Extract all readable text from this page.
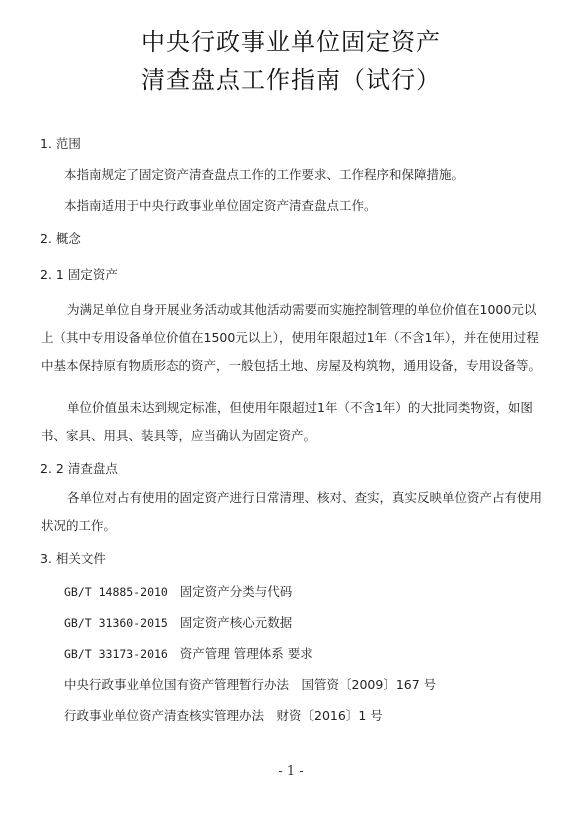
中央行政事业单位固定资产
清查盘点工作指南（试行）
1. 范围
本指南规定了固定资产清查盘点工作的工作要求、工作程序和保障措施。
本指南适用于中央行政事业单位固定资产清查盘点工作。
2. 概念
2. 1 固定资产
为满足单位自身开展业务活动或其他活动需要而实施控制管理的单位价值在1000元以上（其中专用设备单位价值在1500元以上），使用年限超过1年（不含1年），并在使用过程中基本保持原有物质形态的资产，一般包括土地、房屋及构筑物，通用设备，专用设备等。
单位价值虽未达到规定标准，但使用年限超过1年（不含1年）的大批同类物资，如图书、家具、用具、装具等，应当确认为固定资产。
2. 2 清查盘点
各单位对占有使用的固定资产进行日常清理、核对、查实，真实反映单位资产占有使用状况的工作。
3. 相关文件
GB/T 14885-2010 固定资产分类与代码
GB/T 31360-2015 固定资产核心元数据
GB/T 33173-2016 资产管理 管理体系 要求
中央行政事业单位国有资产管理暂行办法　国管资〔2009〕167 号
行政事业单位资产清查核实管理办法　财资〔2016〕1 号
- 1 -
